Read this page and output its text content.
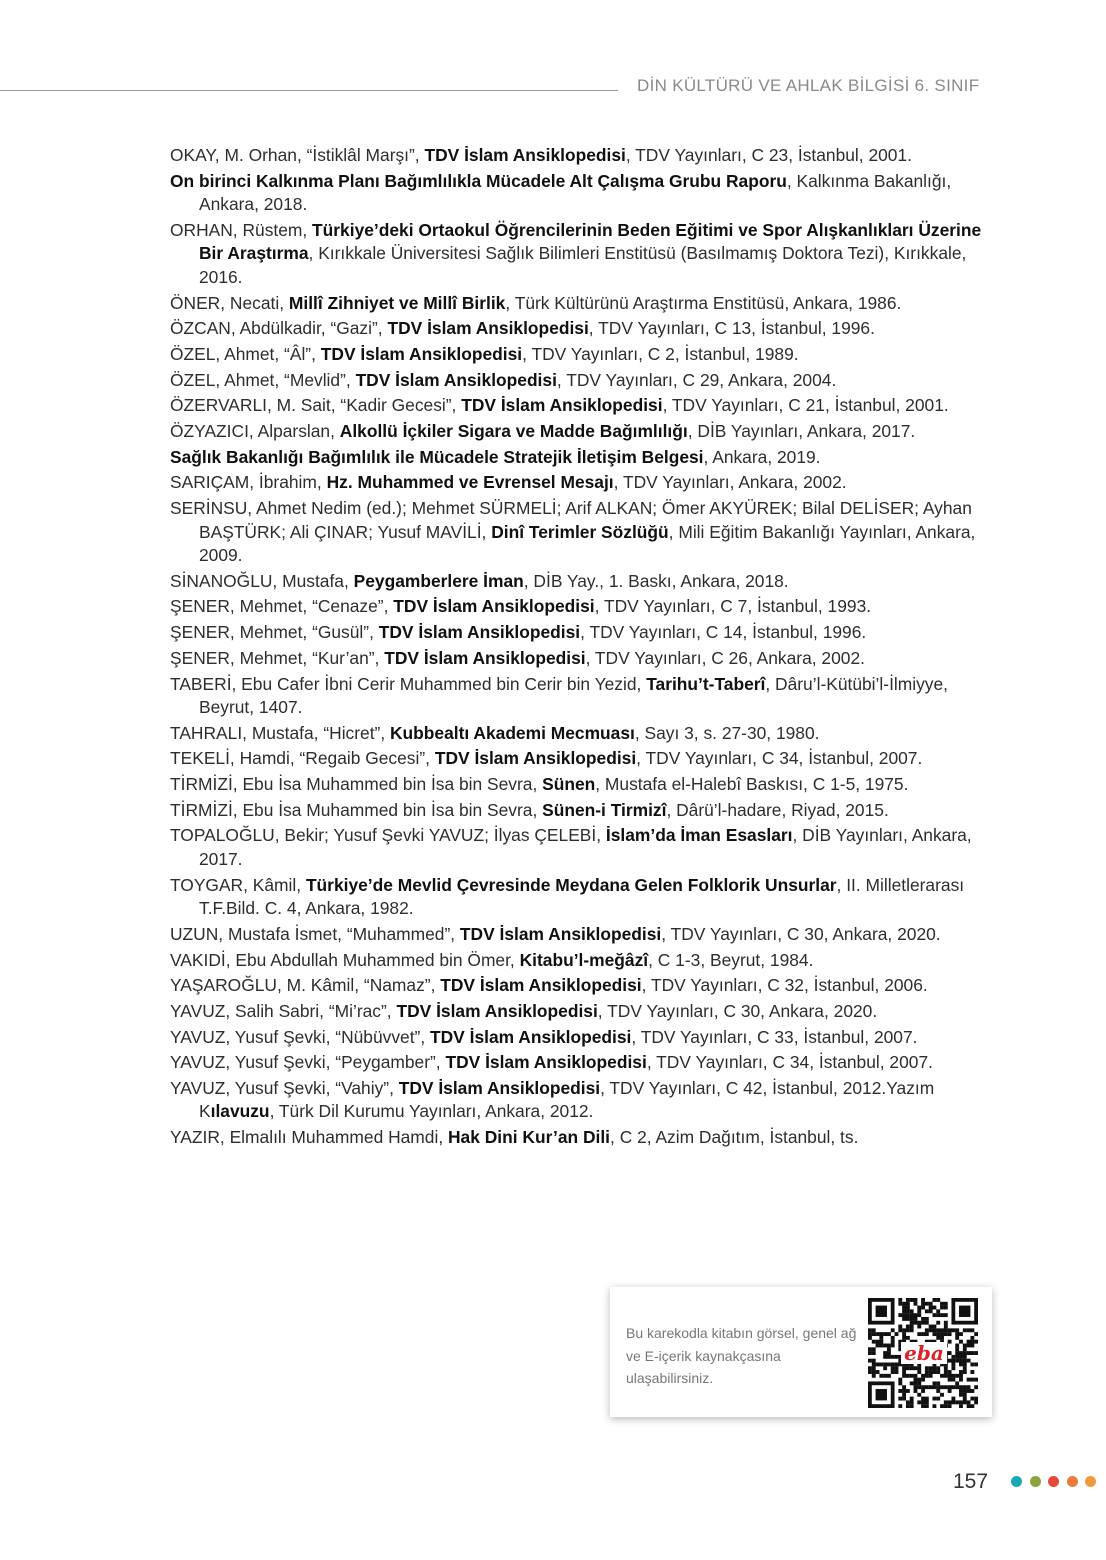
DİN KÜLTÜRÜ VE AHLAK BİLGİSİ 6. SINIF
OKAY, M. Orhan, “İstiklâl Marşı”, TDV İslam Ansiklopedisi, TDV Yayınları, C 23, İstanbul, 2001.
On birinci Kalkınma Planı Bağımlılıkla Mücadele Alt Çalışma Grubu Raporu, Kalkınma Bakanlığı, Ankara, 2018.
ORHAN, Rüstem, Türkiye’deki Ortaokul Öğrencilerinin Beden Eğitimi ve Spor Alışkanlıkları Üzerine Bir Araştırma, Kırıkkale Üniversitesi Sağlık Bilimleri Enstitüsü (Basılmamış Doktora Tezi), Kırıkkale, 2016.
ÖNER, Necati, Millî Zihniyet ve Millî Birlik, Türk Kültürünü Araştırma Enstitüsü, Ankara, 1986.
ÖZCAN, Abdülkadir, “Gazi”, TDV İslam Ansiklopedisi, TDV Yayınları, C 13, İstanbul, 1996.
ÖZEL, Ahmet, “Âl”, TDV İslam Ansiklopedisi, TDV Yayınları, C 2, İstanbul, 1989.
ÖZEL, Ahmet, “Mevlid”, TDV İslam Ansiklopedisi, TDV Yayınları, C 29, Ankara, 2004.
ÖZERVARLI, M. Sait, “Kadir Gecesi”, TDV İslam Ansiklopedisi, TDV Yayınları, C 21, İstanbul, 2001.
ÖZYAZICI, Alparslan, Alkollü İçkiler Sigara ve Madde Bağımlılığı, DİB Yayınları, Ankara, 2017.
Sağlık Bakanlığı Bağımlılık ile Mücadele Stratejik İletişim Belgesi, Ankara, 2019.
SARIÇAM, İbrahim, Hz. Muhammed ve Evrensel Mesajı, TDV Yayınları, Ankara, 2002.
SERİNSU, Ahmet Nedim (ed.); Mehmet SÜRMELİ; Arif ALKAN; Ömer AKYÜREK; Bilal DELİSER; Ayhan BAŞTÜRK; Ali ÇINAR; Yusuf MAVİLİ, Dinî Terimler Sözlüğü, Mili Eğitim Bakanlığı Yayınları, Ankara, 2009.
SİNANOĞLU, Mustafa, Peygamberlere İman, DİB Yay., 1. Baskı, Ankara, 2018.
ŞENER, Mehmet, “Cenaze”, TDV İslam Ansiklopedisi, TDV Yayınları, C 7, İstanbul, 1993.
ŞENER, Mehmet, “Gusül”, TDV İslam Ansiklopedisi, TDV Yayınları, C 14, İstanbul, 1996.
ŞENER, Mehmet, “Kur’an”, TDV İslam Ansiklopedisi, TDV Yayınları, C 26, Ankara, 2002.
TABERİ, Ebu Cafer İbni Cerir Muhammed bin Cerir bin Yezid, Tarihu’t-Taberî, Dâru’l-Kütübi’l-İlmiyye, Beyrut, 1407.
TAHRALI, Mustafa, “Hicret”, Kubbealtı Akademi Mecmuası, Sayı 3, s. 27-30, 1980.
TEKELİ, Hamdi, “Regaib Gecesi”, TDV İslam Ansiklopedisi, TDV Yayınları, C 34, İstanbul, 2007.
TİRMİZİ, Ebu İsa Muhammed bin İsa bin Sevra, Sünen, Mustafa el-Halebî Baskısı, C 1-5, 1975.
TİRMİZİ, Ebu İsa Muhammed bin İsa bin Sevra, Sünen-i Tirmizî, Dârü’l-hadare, Riyad, 2015.
TOPALOĞLU, Bekir; Yusuf Şevki YAVUZ; İlyas ÇELEBİ, İslam’da İman Esasları, DİB Yayınları, Ankara, 2017.
TOYGAR, Kâmil, Türkiye’de Mevlid Çevresinde Meydana Gelen Folklorik Unsurlar, II. Milletlerarası T.F.Bild. C. 4, Ankara, 1982.
UZUN, Mustafa İsmet, “Muhammed”, TDV İslam Ansiklopedisi, TDV Yayınları, C 30, Ankara, 2020.
VAKIDİ, Ebu Abdullah Muhammed bin Ömer, Kitabu’l-meğâzî, C 1-3, Beyrut, 1984.
YAŞAROĞLU, M. Kâmil, “Namaz”, TDV İslam Ansiklopedisi, TDV Yayınları, C 32, İstanbul, 2006.
YAVUZ, Salih Sabri, “Mi’rac”, TDV İslam Ansiklopedisi, TDV Yayınları, C 30, Ankara, 2020.
YAVUZ, Yusuf Şevki, “Nübüvvet”, TDV İslam Ansiklopedisi, TDV Yayınları, C 33, İstanbul, 2007.
YAVUZ, Yusuf Şevki, “Peygamber”, TDV İslam Ansiklopedisi, TDV Yayınları, C 34, İstanbul, 2007.
YAVUZ, Yusuf Şevki, “Vahiy”, TDV İslam Ansiklopedisi, TDV Yayınları, C 42, İstanbul, 2012.Yazım Kılavuzu, Türk Dil Kurumu Yayınları, Ankara, 2012.
YAZIR, Elmalılı Muhammed Hamdi, Hak Dini Kur’an Dili, C 2, Azim Dağıtım, İstanbul, ts.
Bu karekodla kitabın görsel, genel ağ ve E-içerik kaynakçasına ulaşabilirsiniz.
eba
157
